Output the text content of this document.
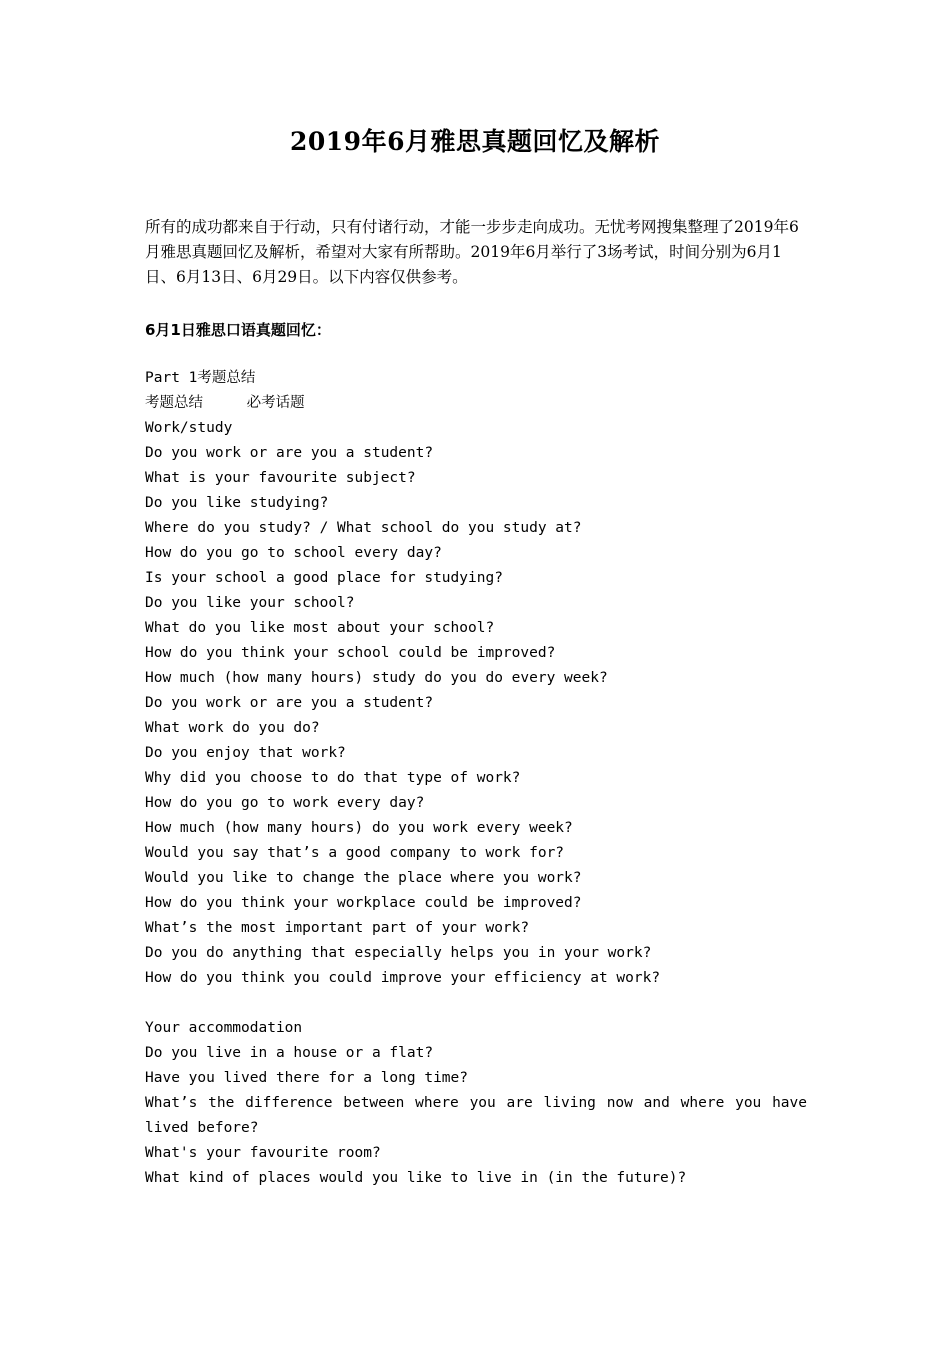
2019年6月雅思真题回忆及解析

所有的成功都来自于行动，只有付诸行动，才能一步步走向成功。无忧考网搜集整理了2019年6月雅思真题回忆及解析，希望对大家有所帮助。2019年6月举行了3场考试，时间分别为6月1日、6月13日、6月29日。以下内容仅供参考。

6月1日雅思口语真题回忆：
Part 1考题总结
考题总结     必考话题
Work/study
Do you work or are you a student?
What is your favourite subject?
Do you like studying?
Where do you study? / What school do you study at?
How do you go to school every day?
Is your school a good place for studying?
Do you like your school?
What do you like most about your school?
How do you think your school could be improved?
How much (how many hours) study do you do every week?
Do you work or are you a student?
What work do you do?
Do you enjoy that work?
Why did you choose to do that type of work?
How do you go to work every day?
How much (how many hours) do you work every week?
Would you say that’s a good company to work for?
Would you like to change the place where you work?
How do you think your workplace could be improved?
What’s the most important part of your work?
Do you do anything that especially helps you in your work?
How do you think you could improve your efficiency at work?
Your accommodation
Do you live in a house or a flat?
Have you lived there for a long time?
What’s the difference between where you are living now and where you have
lived before?
What's your favourite room?
What kind of places would you like to live in (in the future)?
